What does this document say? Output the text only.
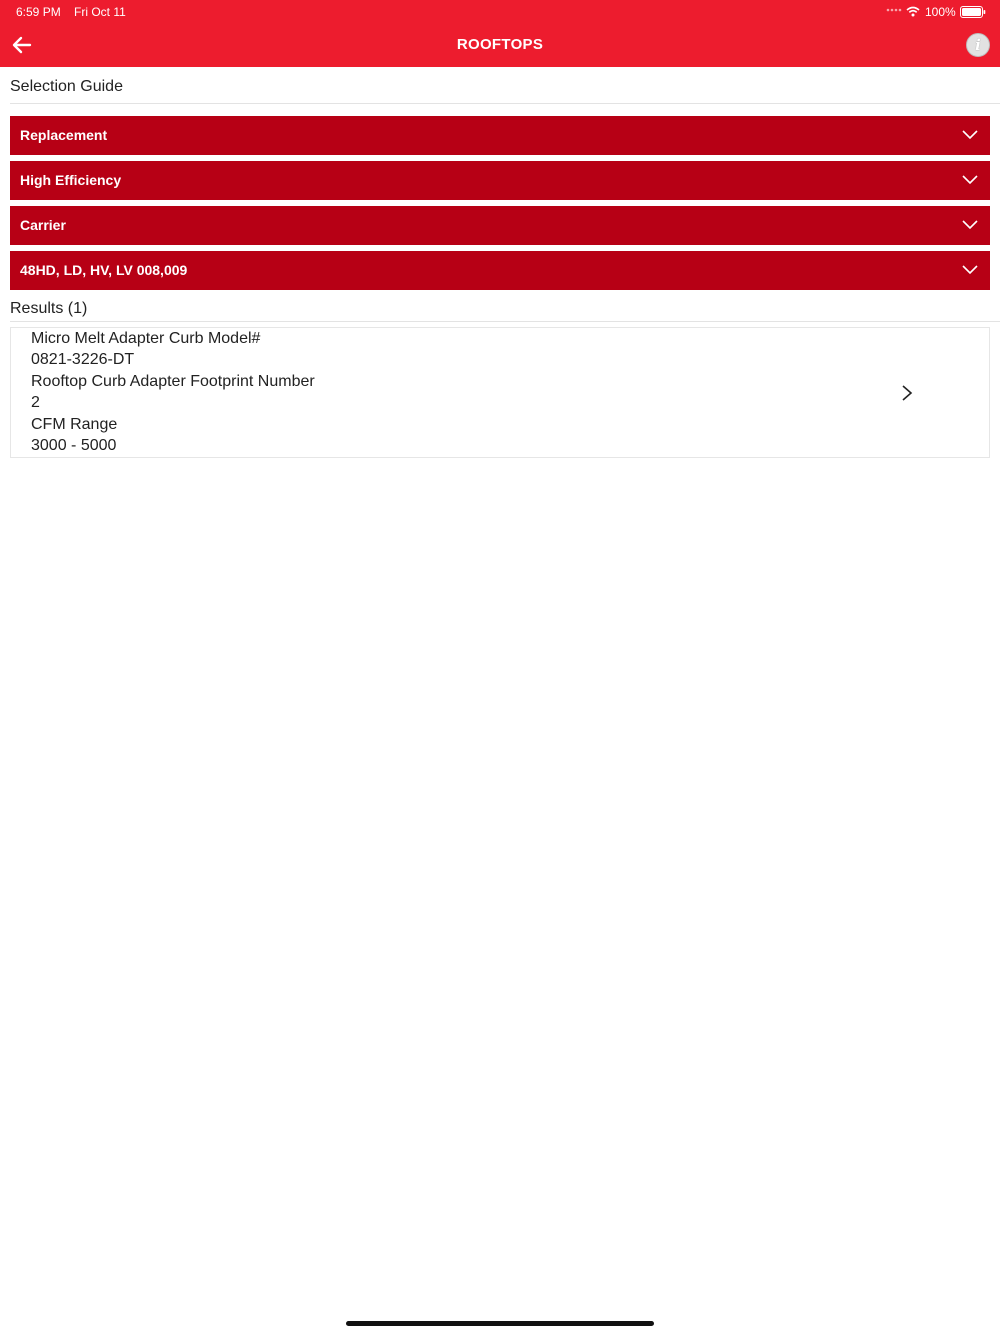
6:59 PM Fri Oct 11	100%
ROOFTOPS	i
Selection Guide
Replacement
High Efficiency
Carrier
48HD, LD, HV, LV 008,009
Results (1)
Micro Melt Adapter Curb Model#
0821-3226-DT
Rooftop Curb Adapter Footprint Number
2
CFM Range
3000 - 5000
